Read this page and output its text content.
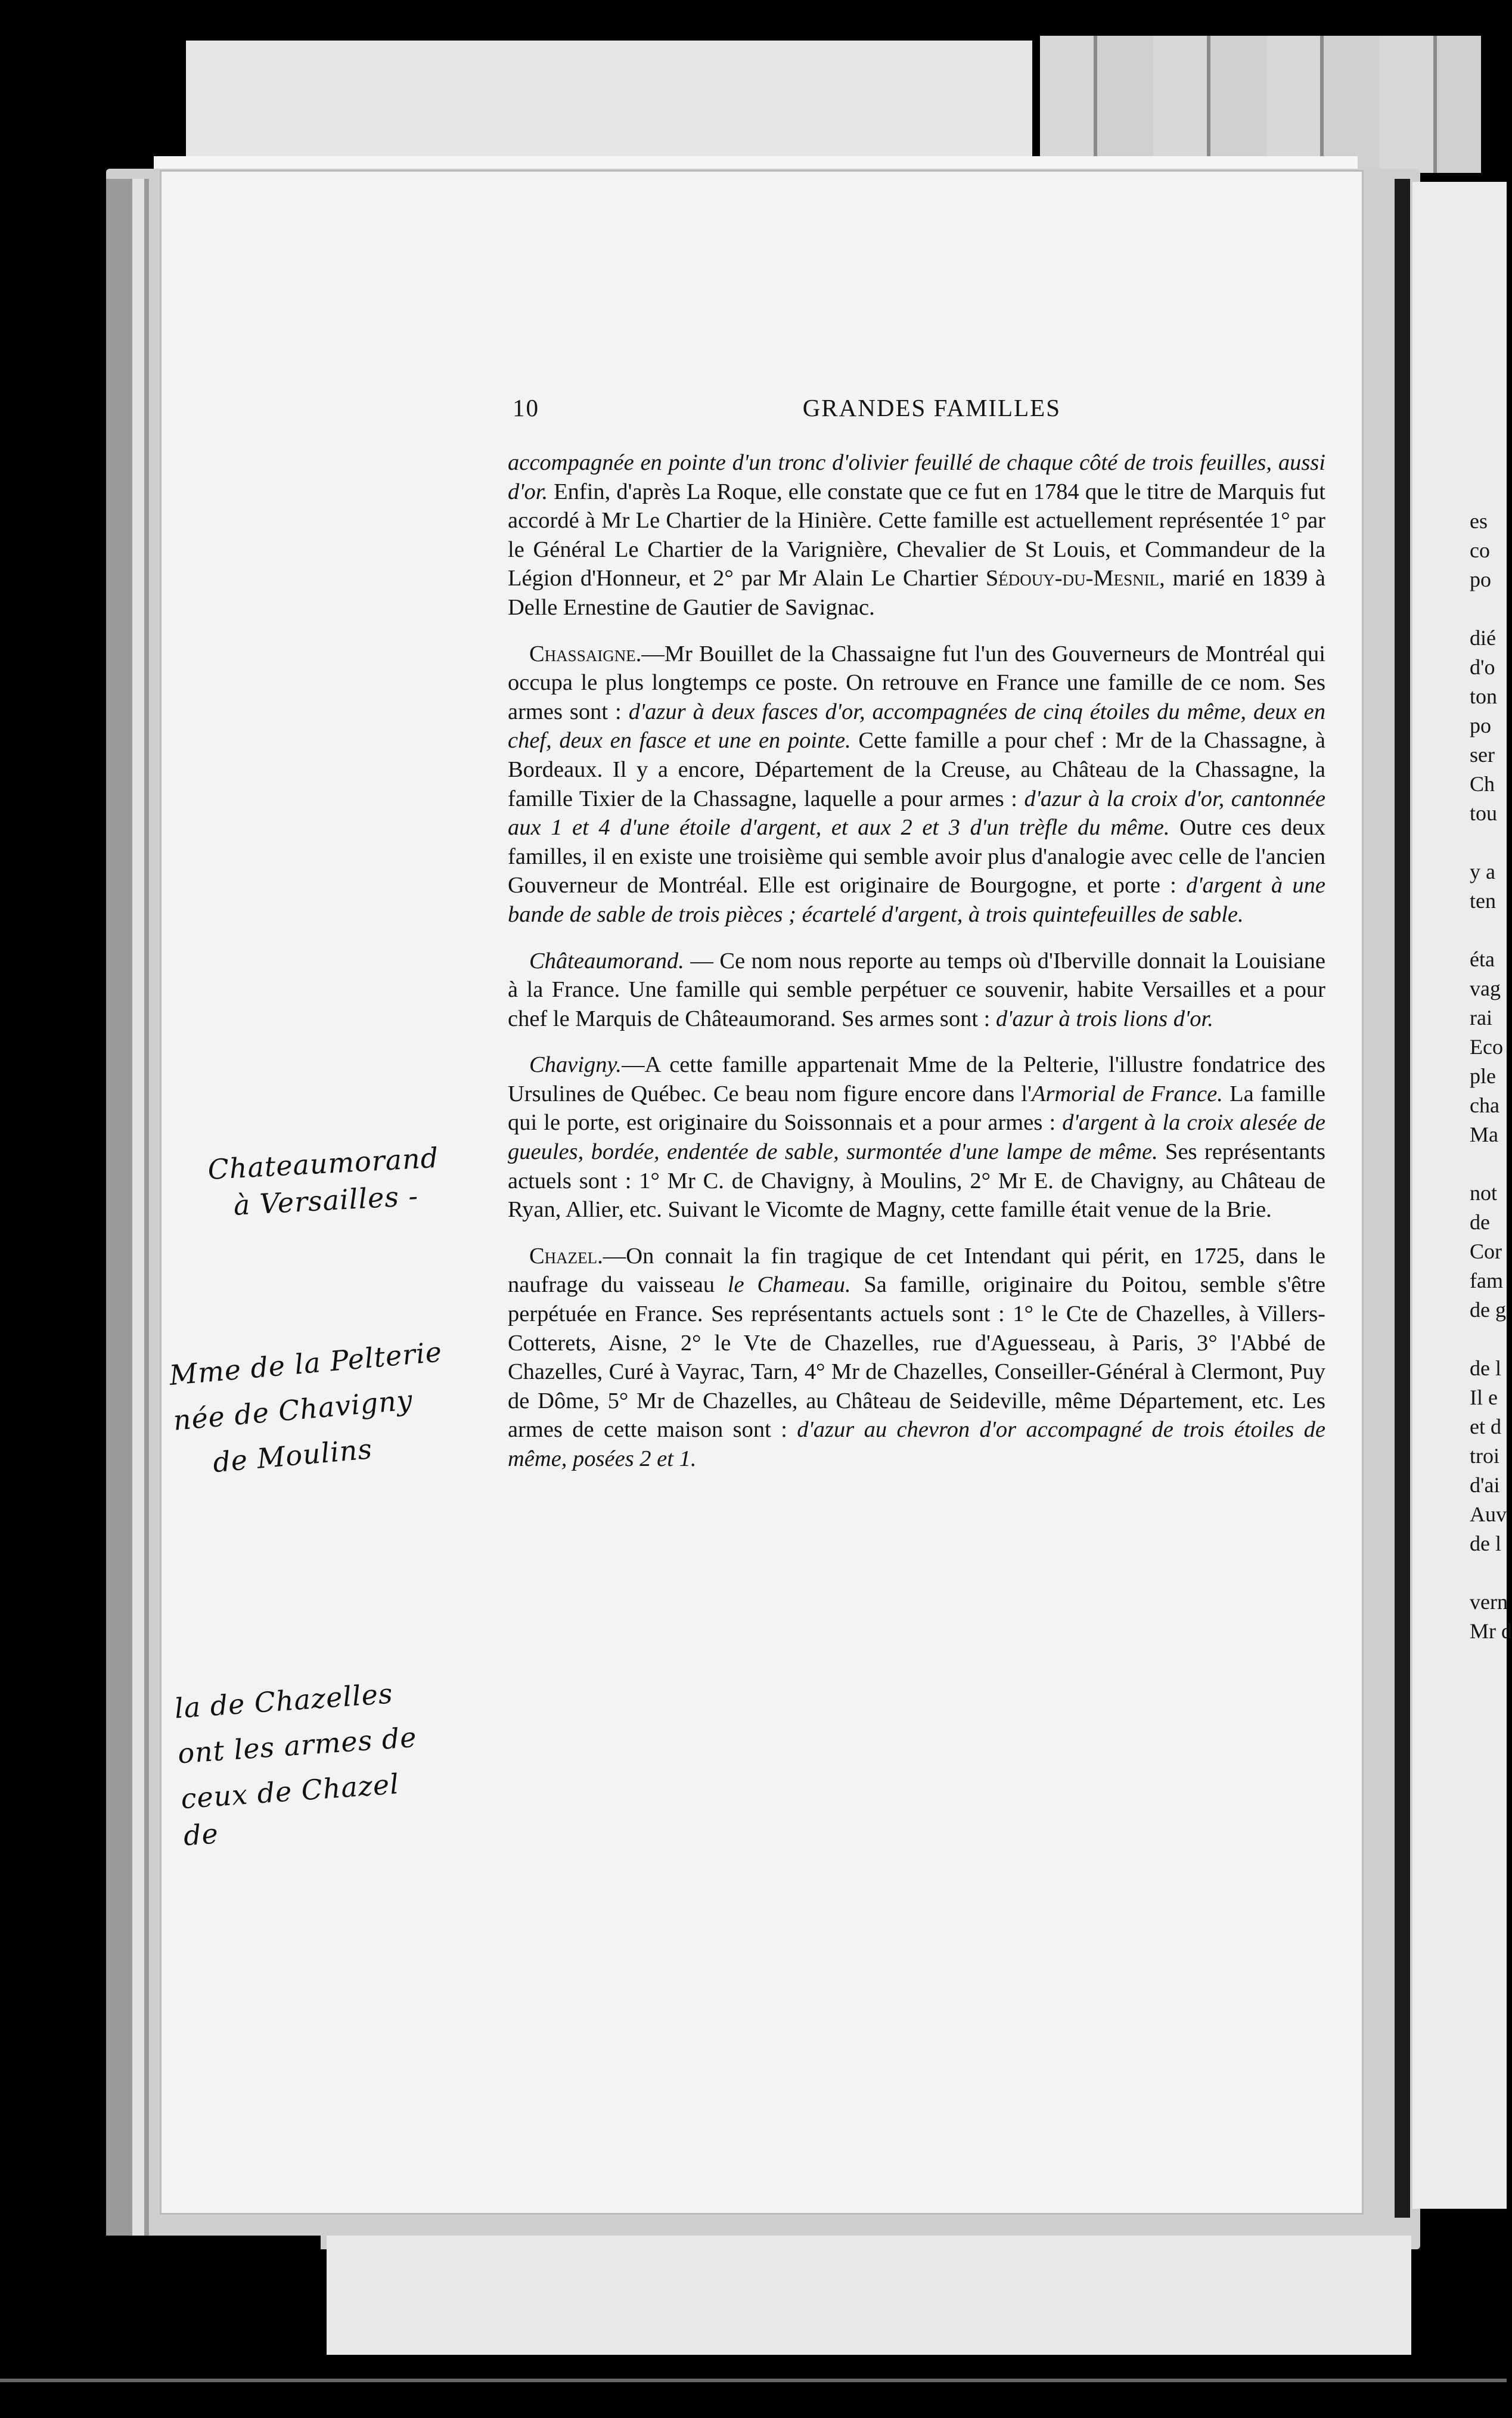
es
co
po

dié
d'o
ton
po
ser
Ch
tou

y a
ten

éta
vag
rai
Eco
ple
cha
Ma

not
de
Cor
fam
de g

de l
Il e
et d
troi
d'ai
Auv
de l

vern
Mr d
10	GRANDES FAMILLES

accompagnée en pointe d'un tronc d'olivier feuillé de chaque côté de trois feuilles, aussi d'or. Enfin, d'après La Roque, elle constate que ce fut en 1784 que le titre de Marquis fut accordé à Mr Le Chartier de la Hinière. Cette famille est actuellement représentée 1° par le Général Le Chartier de la Varignière, Chevalier de St Louis, et Commandeur de la Légion d'Honneur, et 2° par Mr Alain Le Chartier Sédouy-du-Mesnil, marié en 1839 à Delle Ernestine de Gautier de Savignac.

Chassaigne.—Mr Bouillet de la Chassaigne fut l'un des Gouverneurs de Montréal qui occupa le plus longtemps ce poste. On retrouve en France une famille de ce nom. Ses armes sont : d'azur à deux fasces d'or, accompagnées de cinq étoiles du même, deux en chef, deux en fasce et une en pointe. Cette famille a pour chef : Mr de la Chassagne, à Bordeaux. Il y a encore, Département de la Creuse, au Château de la Chassagne, la famille Tixier de la Chassagne, laquelle a pour armes : d'azur à la croix d'or, cantonnée aux 1 et 4 d'une étoile d'argent, et aux 2 et 3 d'un trèfle du même. Outre ces deux familles, il en existe une troisième qui semble avoir plus d'analogie avec celle de l'ancien Gouverneur de Montréal. Elle est originaire de Bourgogne, et porte : d'argent à une bande de sable de trois pièces ; écartelé d'argent, à trois quintefeuilles de sable.

Châteaumorand. — Ce nom nous reporte au temps où d'Iberville donnait la Louisiane à la France. Une famille qui semble perpétuer ce souvenir, habite Versailles et a pour chef le Marquis de Châteaumorand. Ses armes sont : d'azur à trois lions d'or.

Chavigny.—A cette famille appartenait Mme de la Pelterie, l'illustre fondatrice des Ursulines de Québec. Ce beau nom figure encore dans l'Armorial de France. La famille qui le porte, est originaire du Soissonnais et a pour armes : d'argent à la croix alesée de gueules, bordée, endentée de sable, surmontée d'une lampe de même. Ses représentants actuels sont : 1° Mr C. de Chavigny, à Moulins, 2° Mr E. de Chavigny, au Château de Ryan, Allier, etc. Suivant le Vicomte de Magny, cette famille était venue de la Brie.

Chazel.—On connait la fin tragique de cet Intendant qui périt, en 1725, dans le naufrage du vaisseau le Chameau. Sa famille, originaire du Poitou, semble s'être perpétuée en France. Ses représentants actuels sont : 1° le Cte de Chazelles, à Villers-Cotterets, Aisne, 2° le Vte de Chazelles, rue d'Aguesseau, à Paris, 3° l'Abbé de Chazelles, Curé à Vayrac, Tarn, 4° Mr de Chazelles, Conseiller-Général à Clermont, Puy de Dôme, 5° Mr de Chazelles, au Château de Seideville, même Département, etc. Les armes de cette maison sont : d'azur au chevron d'or accompagné de trois étoiles de même, posées 2 et 1.

Chateaumorand
à Versailles -
Mme de la Pelterie
née de Chavigny
de Moulins
la de Chazelles
ont les armes de
ceux de Chazel de
